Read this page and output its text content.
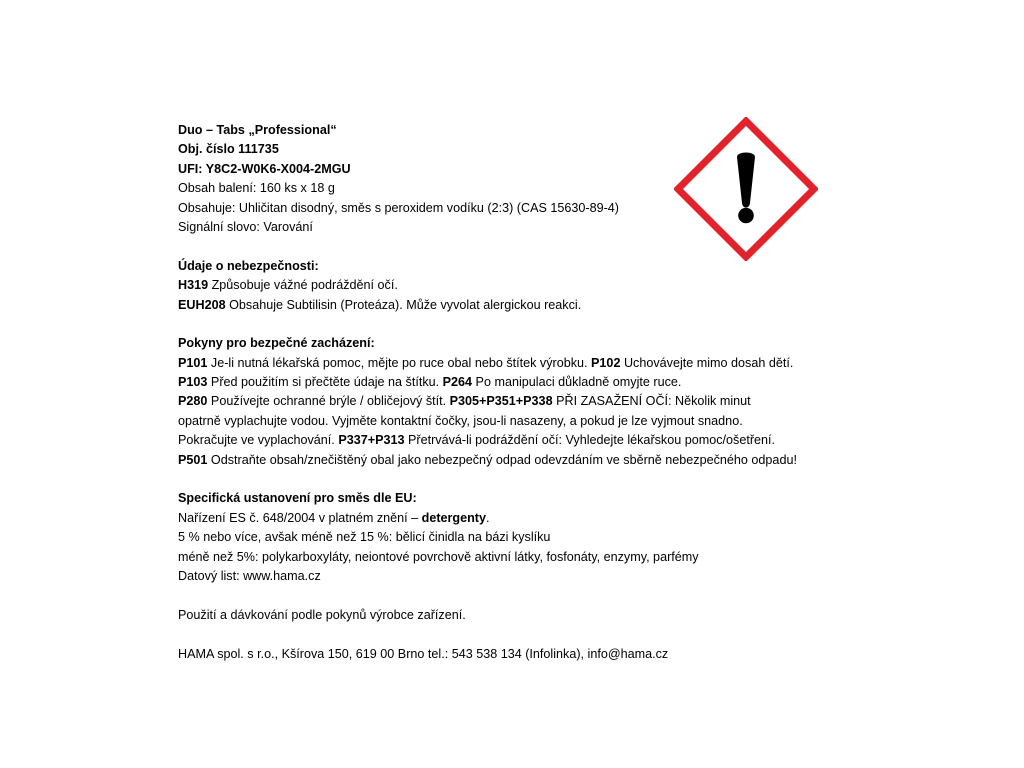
Duo – Tabs „Professional“
Obj. číslo 111735
UFI: Y8C2-W0K6-X004-2MGU
Obsah balení: 160 ks x 18 g
Obsahuje: Uhličitan disodný, směs s peroxidem vodíku (2:3) (CAS 15630-89-4)
Signální slovo: Varování
Údaje o nebezpečnosti:
H319 Způsobuje vážné podráždění očí.
EUH208 Obsahuje Subtilisin (Proteáza). Může vyvolat alergickou reakci.
Pokyny pro bezpečné zacházení:
P101 Je-li nutná lékařská pomoc, mějte po ruce obal nebo štítek výrobku. P102 Uchovávejte mimo dosah dětí.
P103 Před použitím si přečtěte údaje na štítku. P264 Po manipulaci důkladně omyjte ruce.
P280 Používejte ochranné brýle / obličejový štít. P305+P351+P338 PŘI ZASAŽENÍ OČÍ: Několik minut
opatrně vyplachujte vodou. Vyjměte kontaktní čočky, jsou-li nasazeny, a pokud je lze vyjmout snadno.
Pokračujte ve vyplachování. P337+P313 Přetrvává-li podráždění očí: Vyhledejte lékařskou pomoc/ošetření.
P501 Odstraňte obsah/znečištěný obal jako nebezpečný odpad odevzdáním ve sběrně nebezpečného odpadu!
Specifická ustanovení pro směs dle EU:
Nařízení ES č. 648/2004 v platném znění – detergenty.
5 % nebo více, avšak méně než 15 %: bělicí činidla na bázi kyslíku
méně než 5%: polykarboxyláty, neiontové povrchově aktivní látky, fosfonáty, enzymy, parfémy
Datový list: www.hama.cz
Použití a dávkování podle pokynů výrobce zařízení.
HAMA spol. s r.o., Kšírova 150, 619 00 Brno tel.: 543 538 134 (Infolinka), info@hama.cz
